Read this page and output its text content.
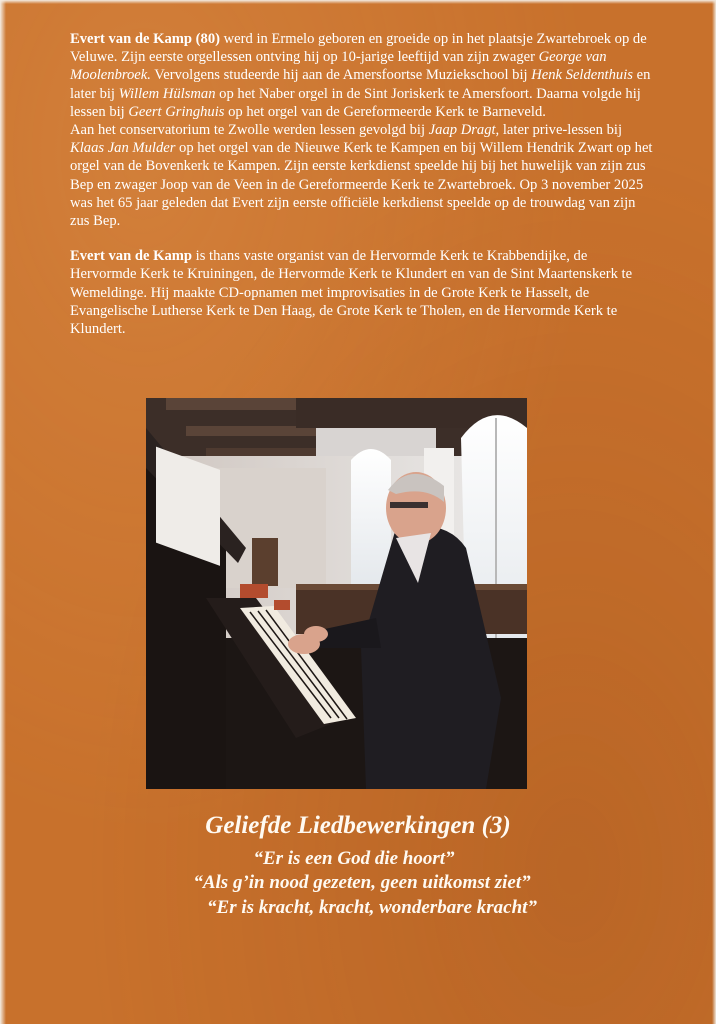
Evert van de Kamp (80) werd in Ermelo geboren en groeide op in het plaatsje Zwartebroek op de Veluwe. Zijn eerste orgellessen ontving hij op 10-jarige leeftijd van zijn zwager George van Moolenbroek. Vervolgens studeerde hij aan de Amersfoortse Muziekschool bij Henk Seldenthuis en later bij Willem Hülsman op het Naber orgel in de Sint Joriskerk te Amersfoort. Daarna volgde hij lessen bij Geert Gringhuis op het orgel van de Gereformeerde Kerk te Barneveld.
Aan het conservatorium te Zwolle werden lessen gevolgd bij Jaap Dragt, later prive-lessen bij Klaas Jan Mulder op het orgel van de Nieuwe Kerk te Kampen en bij Willem Hendrik Zwart op het orgel van de Bovenkerk te Kampen. Zijn eerste kerkdienst speelde hij bij het huwelijk van zijn zus Bep en zwager Joop van de Veen in de Gereformeerde Kerk te Zwartebroek. Op 3 november 2025 was het 65 jaar geleden dat Evert zijn eerste officiële kerkdienst speelde op de trouwdag van zijn zus Bep.

Evert van de Kamp is thans vaste organist van de Hervormde Kerk te Krabbendijke, de Hervormde Kerk te Kruiningen, de Hervormde Kerk te Klundert en van de Sint Maartenskerk te Wemeldinge. Hij maakte CD-opnamen met improvisaties in de Grote Kerk te Hasselt, de Evangelische Lutherse Kerk te Den Haag, de Grote Kerk te Tholen, en de Hervormde Kerk te Klundert.

Geliefde Liedbewerkingen (3)
“Er is een God die hoort”
“Als g’in nood gezeten, geen uitkomst ziet”
“Er is kracht, kracht, wonderbare kracht”
